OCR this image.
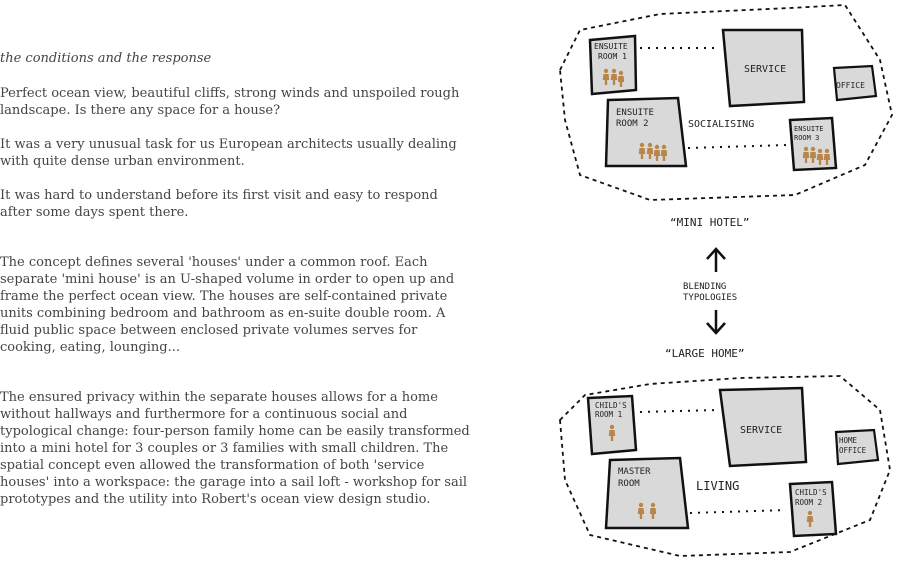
the conditions and the response

Perfect ocean view, beautiful cliffs, strong winds and unspoiled rough landscape. Is there any space for a house?

It was a very unusual task for us European architects usually dealing with quite dense urban environment.

It was hard to understand before its first visit and easy to respond after some days spent there.

The concept defines several 'houses' under a common roof. Each separate 'mini house' is an U-shaped volume in order to open up and frame the perfect ocean view. The houses are self-contained private units combining bedroom and bathroom as en-suite double room. A fluid public space between enclosed private volumes serves for cooking, eating, lounging...

The ensured privacy within the separate houses allows for a home without hallways and furthermore for a continuous social and typological change: four-person family home can be easily transformed into a mini hotel for 3 couples or 3 families with small children. The spatial concept even allowed the transformation of both 'service houses' into a workspace: the garage into a sail loft - workshop for sail prototypes and the utility into Robert's ocean view design studio.

ENSUITE
ROOM 1
SERVICE
OFFICE
ENSUITE
ROOM 2	SOCIALISING	ENSUITE
ROOM 3
“MINI HOTEL”
BLENDING
TYPOLOGIES
“LARGE HOME”
CHILD'S
ROOM 1
SERVICE
HOME
OFFICE
MASTER
ROOM	LIVING	CHILD'S
ROOM 2
